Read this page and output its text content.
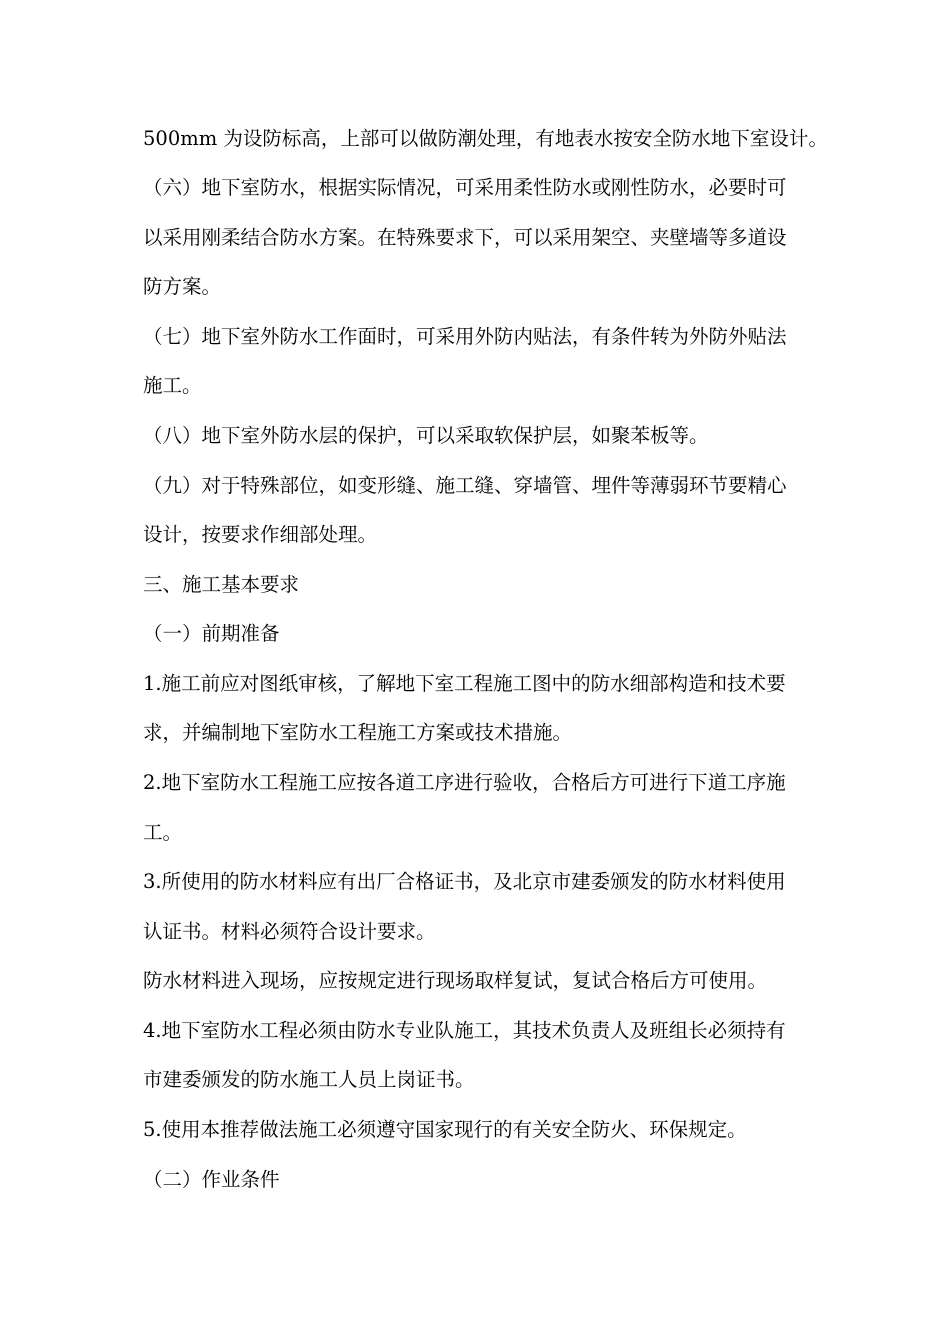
500mm 为设防标高，上部可以做防潮处理，有地表水按安全防水地下室设计。
（六）地下室防水，根据实际情况，可采用柔性防水或刚性防水，必要时可
以采用刚柔结合防水方案。在特殊要求下，可以采用架空、夹壁墙等多道设
防方案。
（七）地下室外防水工作面时，可采用外防内贴法，有条件转为外防外贴法
施工。
（八）地下室外防水层的保护，可以采取软保护层，如聚苯板等。
（九）对于特殊部位，如变形缝、施工缝、穿墙管、埋件等薄弱环节要精心
设计，按要求作细部处理。
三、施工基本要求
（一）前期准备
1.施工前应对图纸审核，了解地下室工程施工图中的防水细部构造和技术要
求，并编制地下室防水工程施工方案或技术措施。
2.地下室防水工程施工应按各道工序进行验收，合格后方可进行下道工序施
工。
3.所使用的防水材料应有出厂合格证书，及北京市建委颁发的防水材料使用
认证书。材料必须符合设计要求。
防水材料进入现场，应按规定进行现场取样复试，复试合格后方可使用。
4.地下室防水工程必须由防水专业队施工，其技术负责人及班组长必须持有
市建委颁发的防水施工人员上岗证书。
5.使用本推荐做法施工必须遵守国家现行的有关安全防火、环保规定。
（二）作业条件
